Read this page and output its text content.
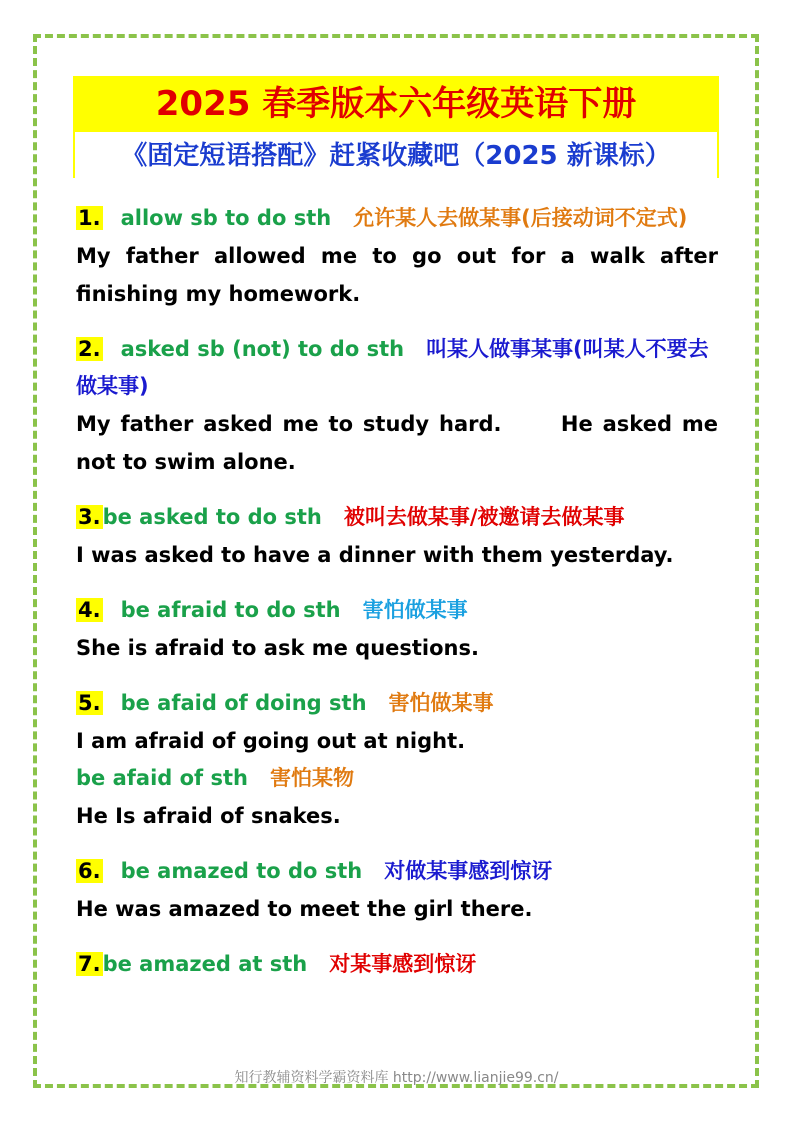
2025 春季版本六年级英语下册
《固定短语搭配》赶紧收藏吧（2025 新课标）
1. allow sb to do sth 允许某人去做某事(后接动词不定式)
My father allowed me to go out for a walk after finishing my homework.
2. asked sb (not) to do sth 叫某人做事某事(叫某人不要去做某事)
My father asked me to study hard.      He asked me not to swim alone.
3.be asked to do sth 被叫去做某事/被邀请去做某事
I was asked to have a dinner with them yesterday.
4. be afraid to do sth 害怕做某事
She is afraid to ask me questions.
5. be afaid of doing sth 害怕做某事
I am afraid of going out at night.
be afaid of sth 害怕某物
He Is afraid of snakes.
6. be amazed to do sth 对做某事感到惊讶
He was amazed to meet the girl there.
7.be amazed at sth 对某事感到惊讶
知行教辅资料学霸资料库 http://www.lianjie99.cn/
